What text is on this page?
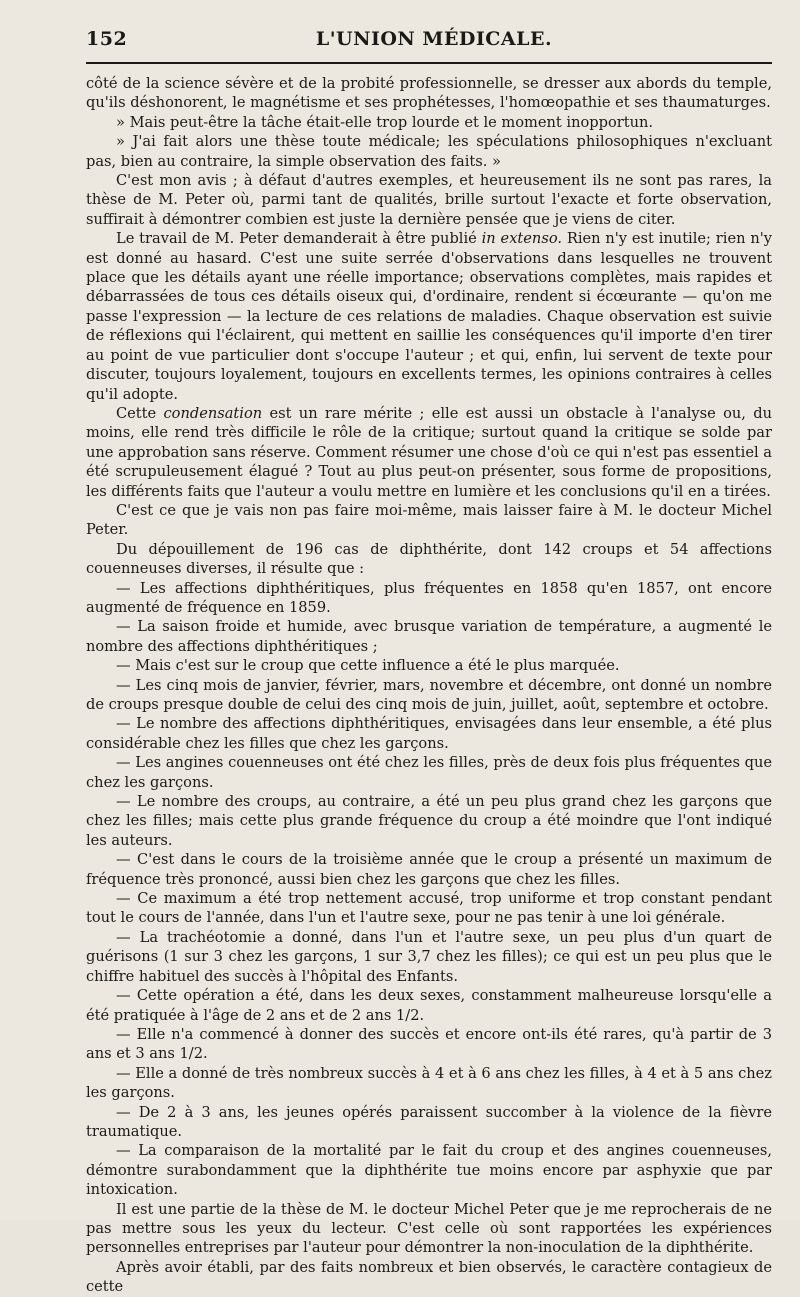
152	L'UNION MÉDICALE.

côté de la science sévère et de la probité professionnelle, se dresser aux abords du temple, qu'ils déshonorent, le magnétisme et ses prophétesses, l'homœopathie et ses thaumaturges.

» Mais peut-être la tâche était-elle trop lourde et le moment inopportun.

» J'ai fait alors une thèse toute médicale; les spéculations philosophiques n'excluant pas, bien au contraire, la simple observation des faits. »

C'est mon avis ; à défaut d'autres exemples, et heureusement ils ne sont pas rares, la thèse de M. Peter où, parmi tant de qualités, brille surtout l'exacte et forte observation, suffirait à démontrer combien est juste la dernière pensée que je viens de citer.

Le travail de M. Peter demanderait à être publié in extenso. Rien n'y est inutile; rien n'y est donné au hasard. C'est une suite serrée d'observations dans lesquelles ne trouvent place que les détails ayant une réelle importance; observations complètes, mais rapides et débarrassées de tous ces détails oiseux qui, d'ordinaire, rendent si écœurante — qu'on me passe l'expression — la lecture de ces relations de maladies. Chaque observation est suivie de réflexions qui l'éclairent, qui mettent en saillie les conséquences qu'il importe d'en tirer au point de vue particulier dont s'occupe l'auteur ; et qui, enfin, lui servent de texte pour discuter, toujours loyalement, toujours en excellents termes, les opinions contraires à celles qu'il adopte.

Cette condensation est un rare mérite ; elle est aussi un obstacle à l'analyse ou, du moins, elle rend très difficile le rôle de la critique; surtout quand la critique se solde par une approbation sans réserve. Comment résumer une chose d'où ce qui n'est pas essentiel a été scrupuleusement élagué ? Tout au plus peut-on présenter, sous forme de propositions, les différents faits que l'auteur a voulu mettre en lumière et les conclusions qu'il en a tirées.

C'est ce que je vais non pas faire moi-même, mais laisser faire à M. le docteur Michel Peter.

Du dépouillement de 196 cas de diphthérite, dont 142 croups et 54 affections couenneuses diverses, il résulte que :

— Les affections diphthéritiques, plus fréquentes en 1858 qu'en 1857, ont encore augmenté de fréquence en 1859.

— La saison froide et humide, avec brusque variation de température, a augmenté le nombre des affections diphthéritiques ;

— Mais c'est sur le croup que cette influence a été le plus marquée.

— Les cinq mois de janvier, février, mars, novembre et décembre, ont donné un nombre de croups presque double de celui des cinq mois de juin, juillet, août, septembre et octobre.

— Le nombre des affections diphthéritiques, envisagées dans leur ensemble, a été plus considérable chez les filles que chez les garçons.

— Les angines couenneuses ont été chez les filles, près de deux fois plus fréquentes que chez les garçons.

— Le nombre des croups, au contraire, a été un peu plus grand chez les garçons que chez les filles; mais cette plus grande fréquence du croup a été moindre que l'ont indiqué les auteurs.

— C'est dans le cours de la troisième année que le croup a présenté un maximum de fréquence très prononcé, aussi bien chez les garçons que chez les filles.

— Ce maximum a été trop nettement accusé, trop uniforme et trop constant pendant tout le cours de l'année, dans l'un et l'autre sexe, pour ne pas tenir à une loi générale.

— La trachéotomie a donné, dans l'un et l'autre sexe, un peu plus d'un quart de guérisons (1 sur 3 chez les garçons, 1 sur 3,7 chez les filles); ce qui est un peu plus que le chiffre habituel des succès à l'hôpital des Enfants.

— Cette opération a été, dans les deux sexes, constamment malheureuse lorsqu'elle a été pratiquée à l'âge de 2 ans et de 2 ans 1/2.

— Elle n'a commencé à donner des succès et encore ont-ils été rares, qu'à partir de 3 ans et 3 ans 1/2.

— Elle a donné de très nombreux succès à 4 et à 6 ans chez les filles, à 4 et à 5 ans chez les garçons.

— De 2 à 3 ans, les jeunes opérés paraissent succomber à la violence de la fièvre traumatique.

— La comparaison de la mortalité par le fait du croup et des angines couenneuses, démontre surabondamment que la diphthérite tue moins encore par asphyxie que par intoxication.

Il est une partie de la thèse de M. le docteur Michel Peter que je me reprocherais de ne pas mettre sous les yeux du lecteur. C'est celle où sont rapportées les expériences personnelles entreprises par l'auteur pour démontrer la non-inoculation de la diphthérite.

Après avoir établi, par des faits nombreux et bien observés, le caractère contagieux de cette
